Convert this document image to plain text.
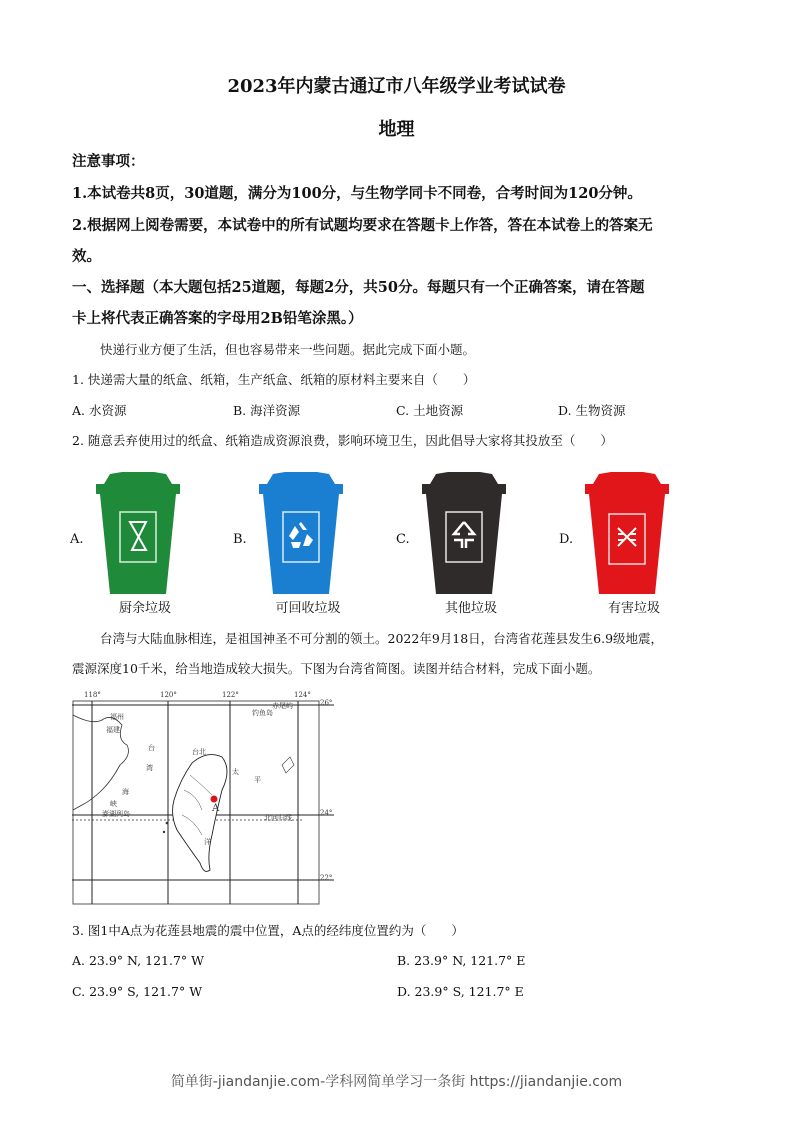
2023年内蒙古通辽市八年级学业考试试卷
地理
注意事项：
1.本试卷共8页，30道题，满分为100分，与生物学同卡不同卷，合考时间为120分钟。
2.根据网上阅卷需要，本试卷中的所有试题均要求在答题卡上作答，答在本试卷上的答案无
效。
一、选择题（本大题包括25道题，每题2分，共50分。每题只有一个正确答案，请在答题
卡上将代表正确答案的字母用2B铅笔涂黑。）
快递行业方便了生活，但也容易带来一些问题。据此完成下面小题。
1. 快递需大量的纸盒、纸箱，生产纸盒、纸箱的原材料主要来自（　　）
A. 水资源	B. 海洋资源	C. 土地资源	D. 生物资源
2. 随意丢弃使用过的纸盒、纸箱造成资源浪费，影响环境卫生，因此倡导大家将其投放至（　　）
A.
厨余垃圾
B.
可回收垃圾
C.
其他垃圾
D.
有害垃圾
台湾与大陆血脉相连，是祖国神圣不可分割的领土。2022年9月18日，台湾省花莲县发生6.9级地震，
震源深度10千米，给当地造成较大损失。下图为台湾省简图。读图并结合材料，完成下面小题。
118°	120°	122°	124°
26°
24°
22°
福州
福建
台
湾
海
峡
澎湖列岛
台北
钓鱼岛
赤尾屿
太
平
北回归线
洋
A
3. 图1中A点为花莲县地震的震中位置，A点的经纬度位置约为（　　）
A. 23.9° N, 121.7° W	B. 23.9° N, 121.7° E
C. 23.9° S, 121.7° W	D. 23.9° S, 121.7° E
简单街-jiandanjie.com-学科网简单学习一条街 https://jiandanjie.com
